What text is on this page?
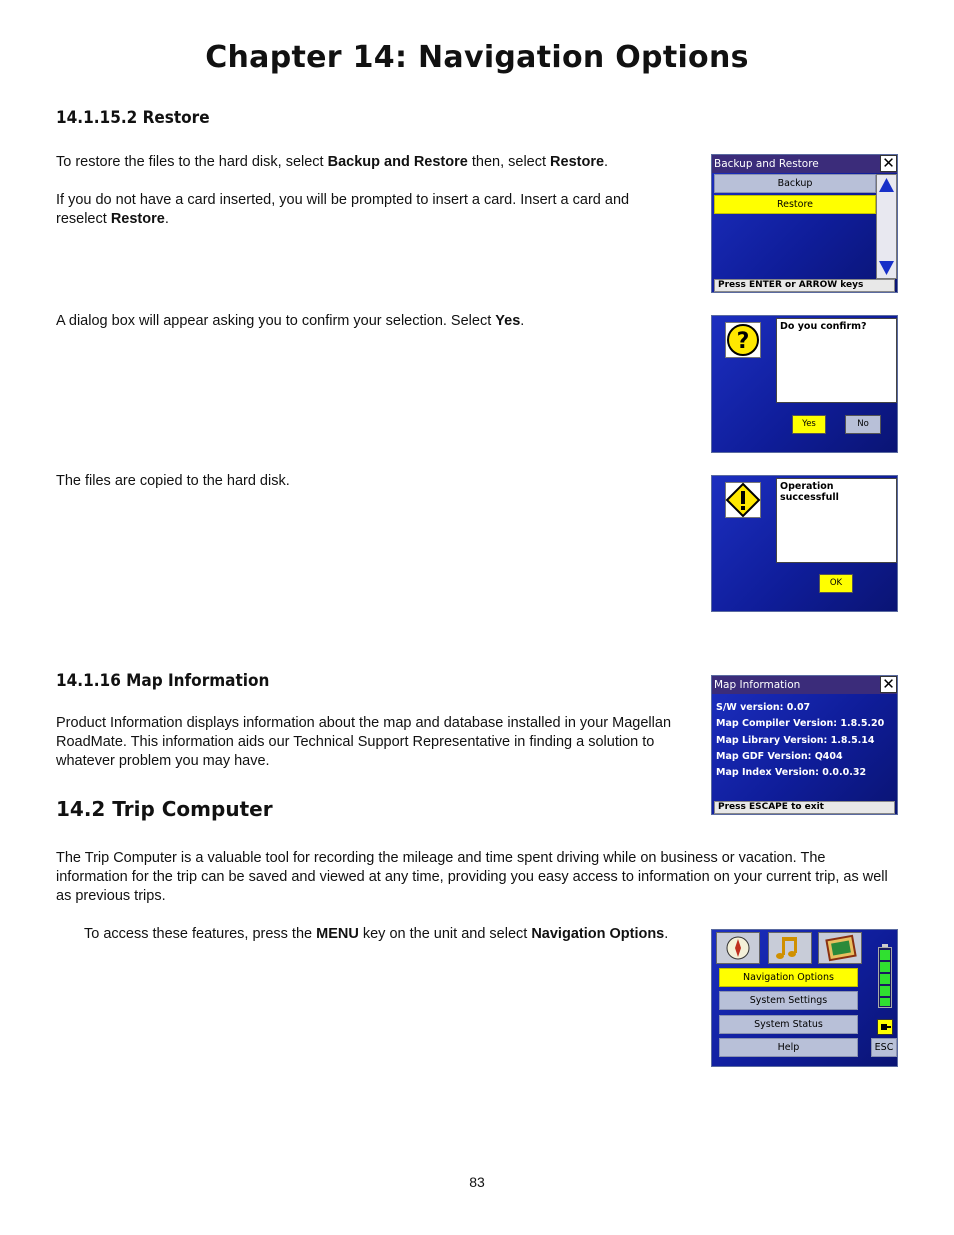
Chapter 14: Navigation Options
14.1.15.2 Restore
To restore the files to the hard disk, select Backup and Restore then, select Restore.
If you do not have a card inserted, you will be prompted to insert a card. Insert a card and reselect Restore.
A dialog box will appear asking you to confirm your selection. Select Yes.
The files are copied to the hard disk.
Backup and Restore	✕
Backup
Restore
Press ENTER or ARROW keys
?
Do you confirm?
Yes	No
Operation successfull
OK
14.1.16 Map Information
Product Information displays information about the map and database installed in your Magellan RoadMate. This information aids our Technical Support Representative in finding a solution to whatever problem you may have.
Map Information	✕
S/W version: 0.07
Map Compiler Version: 1.8.5.20
Map Library Version: 1.8.5.14
Map GDF Version: Q404
Map Index Version: 0.0.0.32
Press ESCAPE to exit
14.2 Trip Computer
The Trip Computer is a valuable tool for recording the mileage and time spent driving while on business or vacation. The information for the trip can be saved and viewed at any time, providing you easy access to information on your current trip, as well as previous trips.
To access these features, press the MENU key on the unit and select Navigation Options.
Navigation Options
System Settings
System Status
Help	ESC
83
